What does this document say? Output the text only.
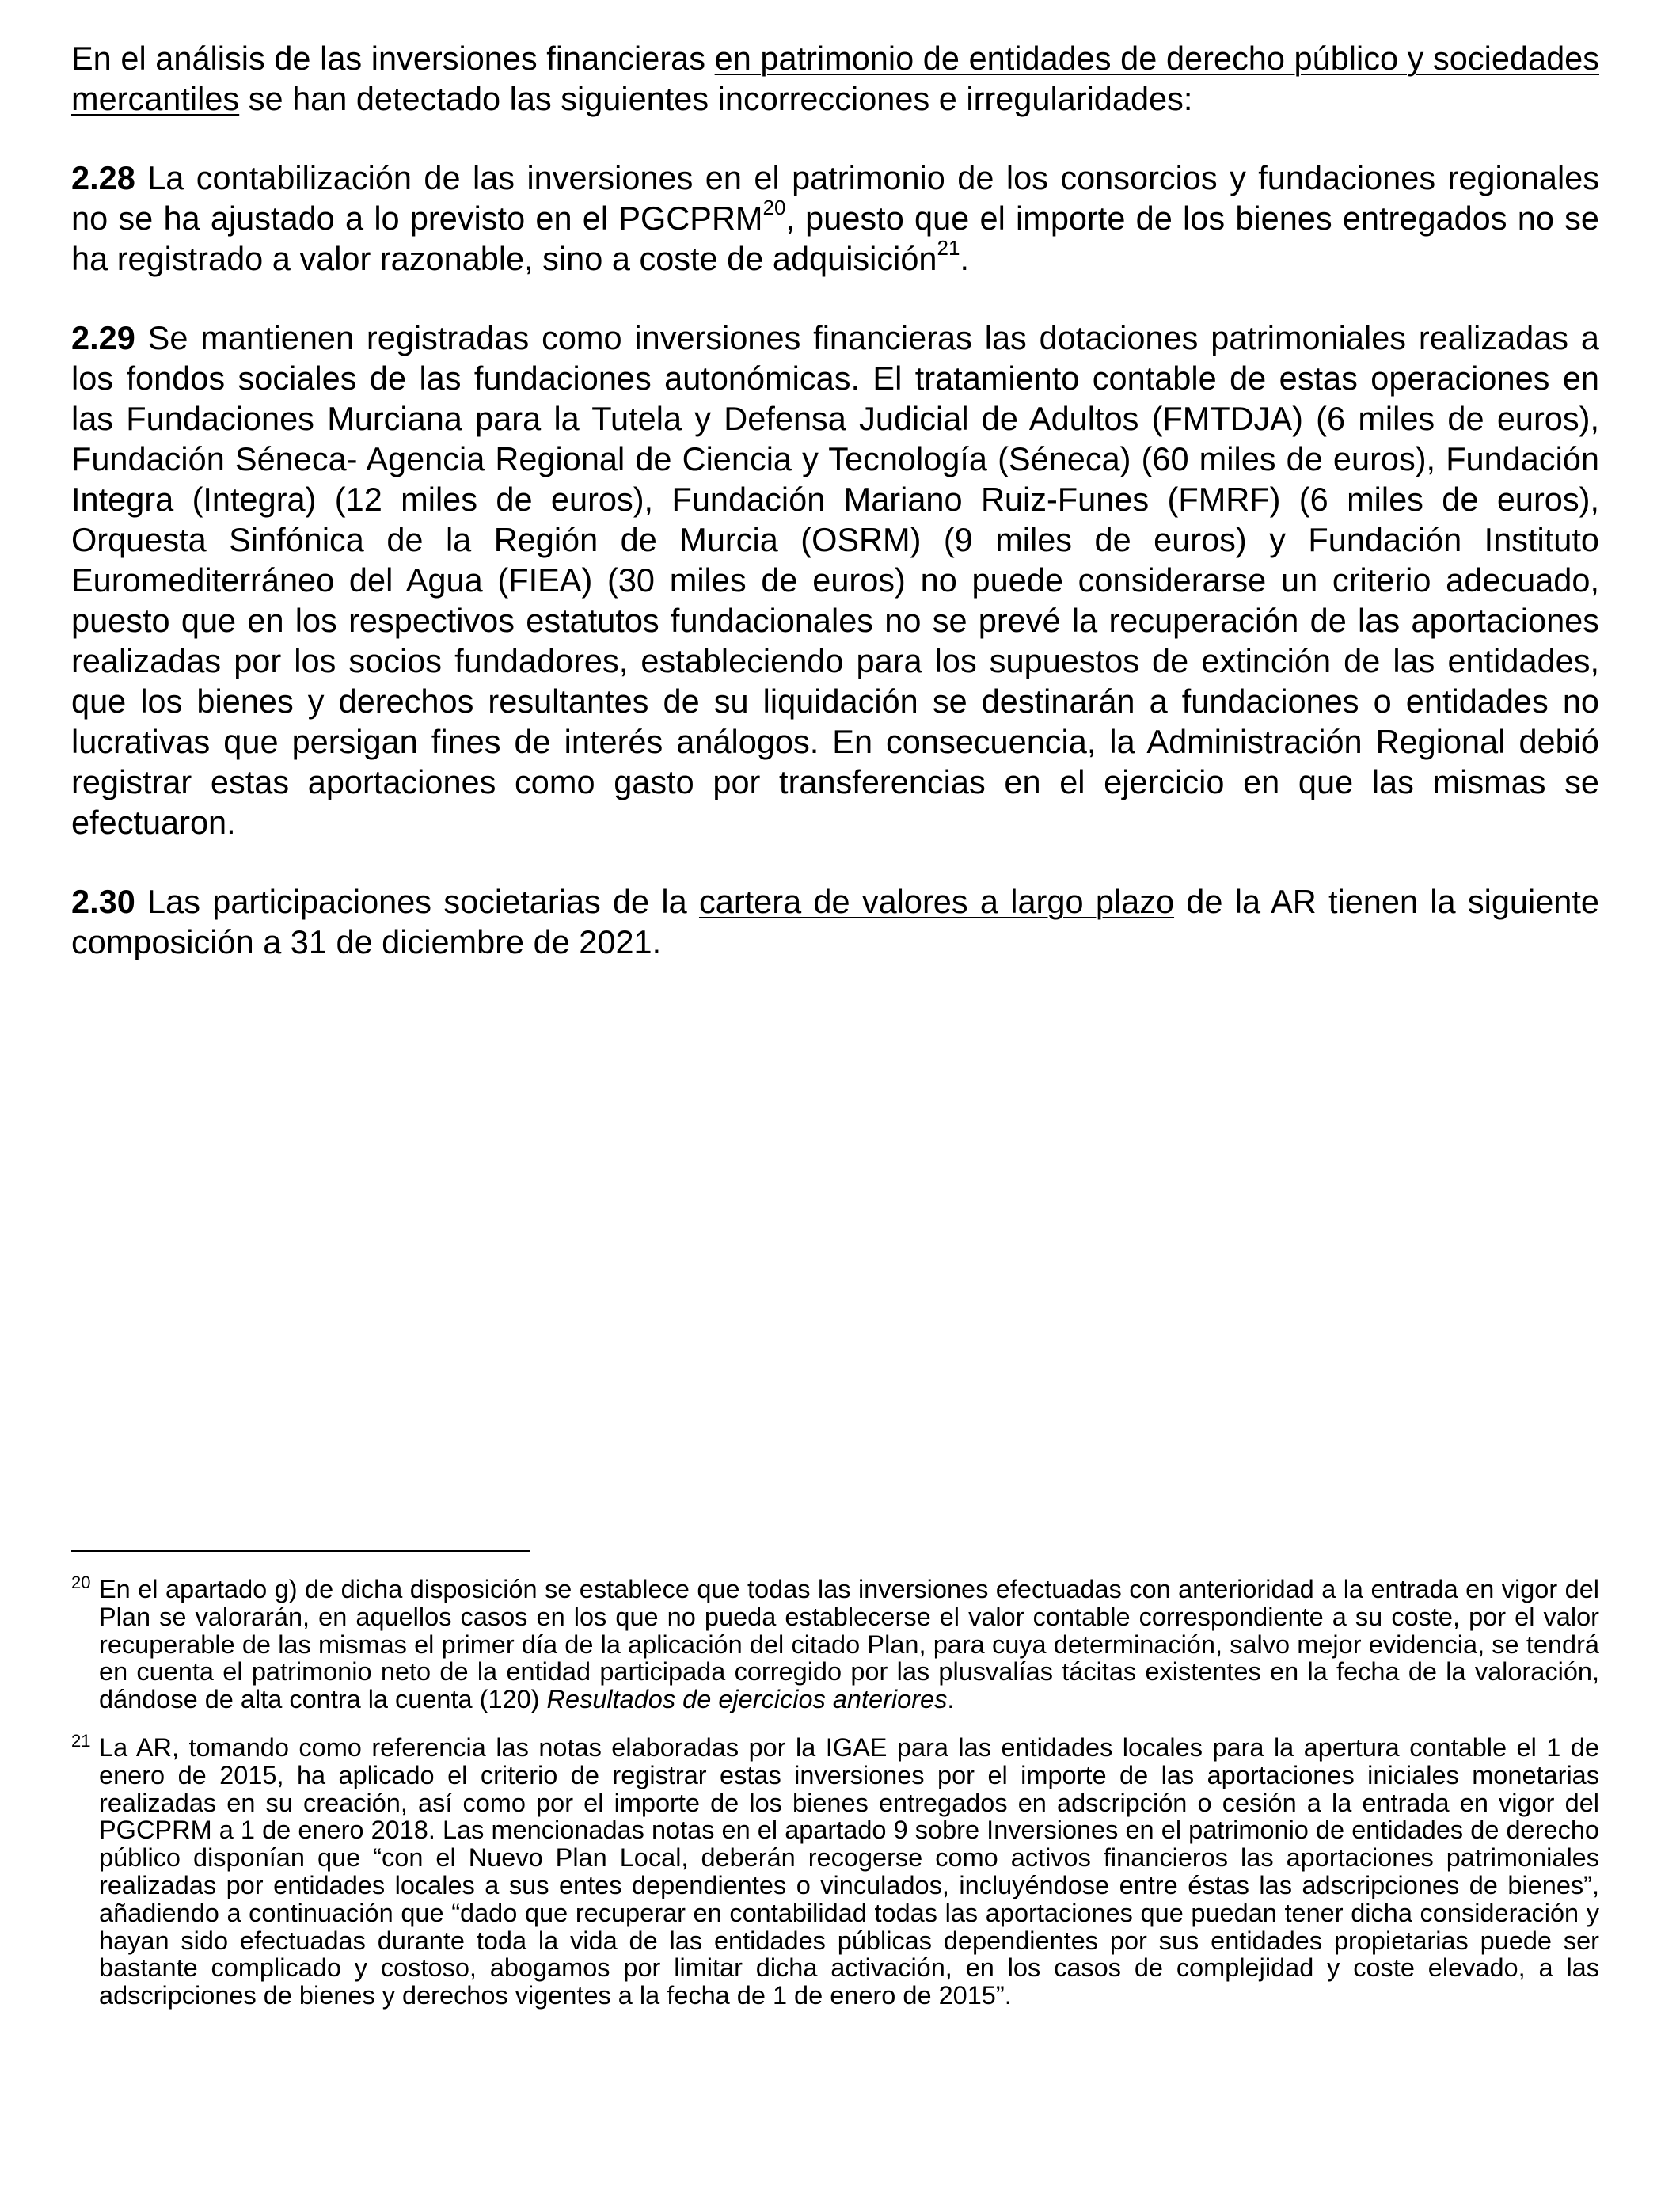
En el análisis de las inversiones financieras en patrimonio de entidades de derecho público y sociedades mercantiles se han detectado las siguientes incorrecciones e irregularidades:

2.28 La contabilización de las inversiones en el patrimonio de los consorcios y fundaciones regionales no se ha ajustado a lo previsto en el PGCPRM$^{20}$, puesto que el importe de los bienes entregados no se ha registrado a valor razonable, sino a coste de adquisición$^{21}$.

2.29 Se mantienen registradas como inversiones financieras las dotaciones patrimoniales realizadas a los fondos sociales de las fundaciones autonómicas. El tratamiento contable de estas operaciones en las Fundaciones Murciana para la Tutela y Defensa Judicial de Adultos (FMTDJA) (6 miles de euros), Fundación Séneca- Agencia Regional de Ciencia y Tecnología (Séneca) (60 miles de euros), Fundación Integra (Integra) (12 miles de euros), Fundación Mariano Ruiz-Funes (FMRF) (6 miles de euros), Orquesta Sinfónica de la Región de Murcia (OSRM) (9 miles de euros) y Fundación Instituto Euromediterráneo del Agua (FIEA) (30 miles de euros) no puede considerarse un criterio adecuado, puesto que en los respectivos estatutos fundacionales no se prevé la recuperación de las aportaciones realizadas por los socios fundadores, estableciendo para los supuestos de extinción de las entidades, que los bienes y derechos resultantes de su liquidación se destinarán a fundaciones o entidades no lucrativas que persigan fines de interés análogos. En consecuencia, la Administración Regional debió registrar estas aportaciones como gasto por transferencias en el ejercicio en que las mismas se efectuaron.

2.30 Las participaciones societarias de la cartera de valores a largo plazo de la AR tienen la siguiente composición a 31 de diciembre de 2021.

20 En el apartado g) de dicha disposición se establece que todas las inversiones efectuadas con anterioridad a la entrada en vigor del Plan se valorarán, en aquellos casos en los que no pueda establecerse el valor contable correspondiente a su coste, por el valor recuperable de las mismas el primer día de la aplicación del citado Plan, para cuya determinación, salvo mejor evidencia, se tendrá en cuenta el patrimonio neto de la entidad participada corregido por las plusvalías tácitas existentes en la fecha de la valoración, dándose de alta contra la cuenta (120) Resultados de ejercicios anteriores.

21 La AR, tomando como referencia las notas elaboradas por la IGAE para las entidades locales para la apertura contable el 1 de enero de 2015, ha aplicado el criterio de registrar estas inversiones por el importe de las aportaciones iniciales monetarias realizadas en su creación, así como por el importe de los bienes entregados en adscripción o cesión a la entrada en vigor del PGCPRM a 1 de enero 2018. Las mencionadas notas en el apartado 9 sobre Inversiones en el patrimonio de entidades de derecho público disponían que “con el Nuevo Plan Local, deberán recogerse como activos financieros las aportaciones patrimoniales realizadas por entidades locales a sus entes dependientes o vinculados, incluyéndose entre éstas las adscripciones de bienes”, añadiendo a continuación que “dado que recuperar en contabilidad todas las aportaciones que puedan tener dicha consideración y hayan sido efectuadas durante toda la vida de las entidades públicas dependientes por sus entidades propietarias puede ser bastante complicado y costoso, abogamos por limitar dicha activación, en los casos de complejidad y coste elevado, a las adscripciones de bienes y derechos vigentes a la fecha de 1 de enero de 2015”.
